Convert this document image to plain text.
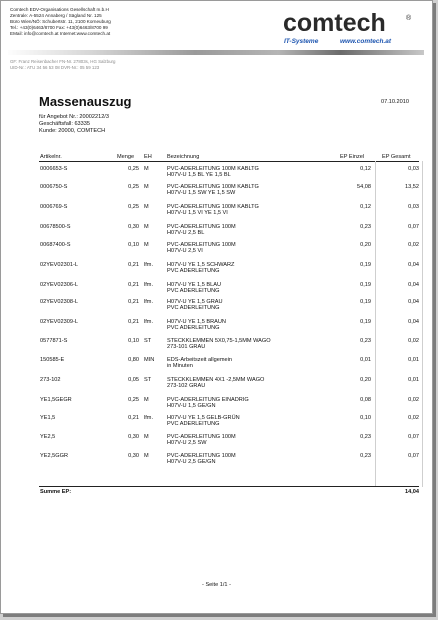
Comtech EDV-Organisations Gesellschaft m.b.H
Zentrale: A-5524 Annaberg / Sägland Nr. 125
Büro Wien/NÖ: Schubertstr. 11, 2100 Korneuburg
Tel.: +43(0)6463/8700 Fax: +43(0)6463/8700 99
EMail: info@comtech.at Internet:www.comtech.at	comtech	®
IT-Systeme	www.comtech.at
GF: Franz Reisenbacher FN-Nr. 27803s, HG Salzburg
UID-Nr.: ATU 34 56 53 08 DVR-Nr.: 05 59 123
Massenauszug	07.10.2010
für Angebot Nr.: 20002212/3
Geschäftsfall: 63335
Kunde: 20000, COMTECH
Artikelnr.	Menge EH	Bezeichnung	EP Einzel	EP Gesamt
0006653-S	0,25 M	PVC-ADERLEITUNG 100M KABLTG	0,12	0,03
H07V-U 1,5 BL YE 1,5 BL
0006750-S	0,25 M	PVC-ADERLEITUNG 100M KABLTG	54,08	13,52
H07V-U 1,5 SW YE 1,5 SW
0006769-S	0,25 M	PVC-ADERLEITUNG 100M KABLTG	0,12	0,03
H07V-U 1,5 VI YE 1,5 VI
00678500-S	0,30 M	PVC-ADERLEITUNG 100M	0,23	0,07
H07V-U 2,5 BL
00687400-S	0,10 M	PVC-ADERLEITUNG 100M	0,20	0,02
H07V-U 2,5 VI
02YEV02301-L	0,21 lfm. H07V-U YE 1,5 SCHWARZ	0,19	0,04
PVC ADERLEITUNG
02YEV02306-L	0,21 lfm. H07V-U YE 1,5 BLAU	0,19	0,04
PVC ADERLEITUNG
02YEV02308-L	0,21 lfm. H07V-U YE 1,5 GRAU	0,19	0,04
PVC ADERLEITUNG
02YEV02309-L	0,21 lfm. H07V-U YE 1,5 BRAUN	0,19	0,04
PVC ADERLEITUNG
0577871-S	0,10 ST	STECKKLEMMEN 5X0,75-1,5MM WAGO	0,23	0,02
273-101 GRAU
150585-E	0,80 MIN EDS-Arbeitszeit allgemein	0,01	0,01
in Minuten
273-102	0,05 ST	STECKKLEMMEN 4X1 -2,5MM WAGO	0,20	0,01
273-102 GRAU
YE1,5GEGR	0,25 M	PVC-ADERLEITUNG EINADRIG	0,08	0,02
H07V-U 1,5 GE/GN
YE1,5	0,21 lfm. H07V-U YE 1,5 GELB-GRÜN	0,10	0,02
PVC ADERLEITUNG
YE2,5	0,30 M	PVC-ADERLEITUNG 100M	0,23	0,07
H07V-U 2,5 SW
YE2,5GGR	0,30 M	PVC-ADERLEITUNG 100M	0,23	0,07
H07V-U 2,5 GE/GN
Summe EP:	14,04
- Seite 1/1 -
